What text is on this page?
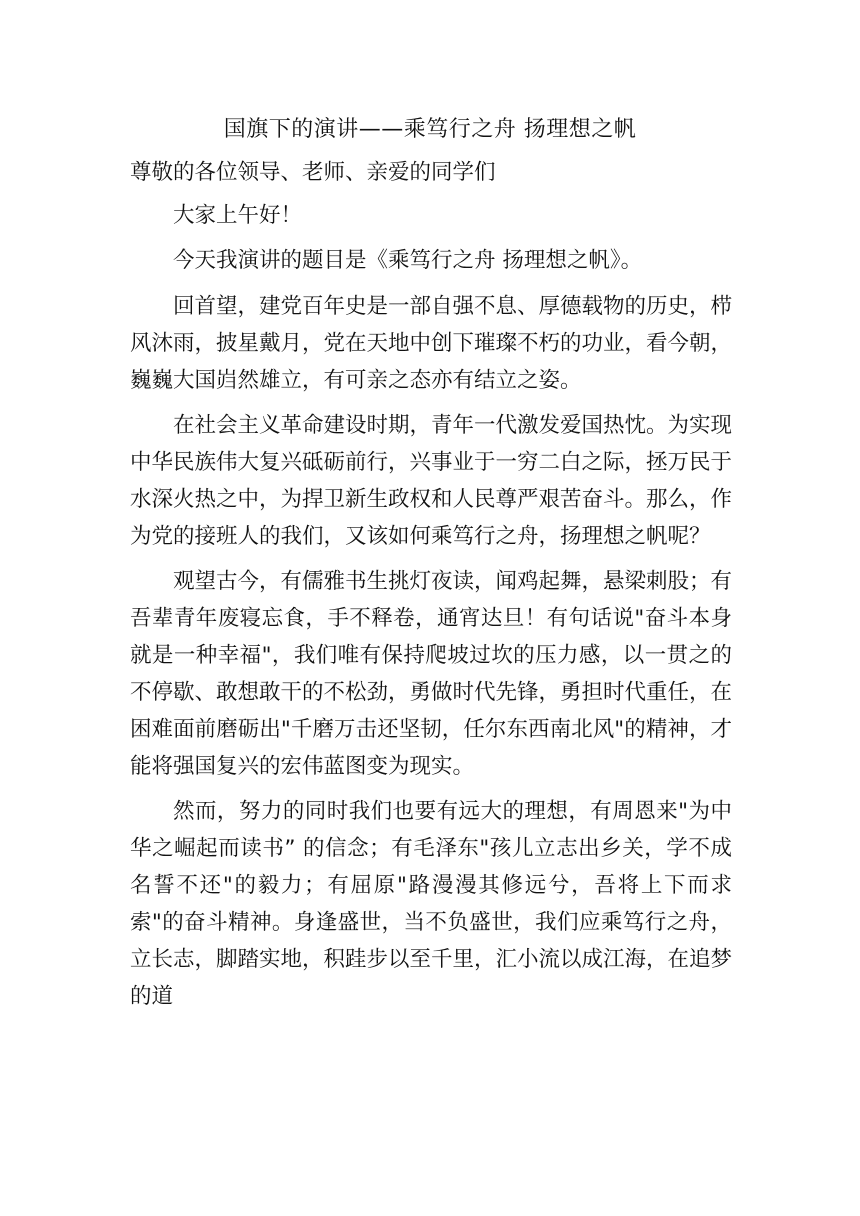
国旗下的演讲——乘笃行之舟 扬理想之帆
尊敬的各位领导、老师、亲爱的同学们

大家上午好！

今天我演讲的题目是《乘笃行之舟 扬理想之帆》。

回首望，建党百年史是一部自强不息、厚德载物的历史，栉风沐雨，披星戴月，党在天地中创下璀璨不朽的功业，看今朝，巍巍大国岿然雄立，有可亲之态亦有结立之姿。

在社会主义革命建设时期，青年一代激发爱国热忱。为实现中华民族伟大复兴砥砺前行，兴事业于一穷二白之际，拯万民于水深火热之中，为捍卫新生政权和人民尊严艰苦奋斗。那么，作为党的接班人的我们，又该如何乘笃行之舟，扬理想之帆呢？

观望古今，有儒雅书生挑灯夜读，闻鸡起舞，悬梁刺股；有吾辈青年废寝忘食，手不释卷，通宵达旦！有句话说"奋斗本身就是一种幸福"，我们唯有保持爬坡过坎的压力感，以一贯之的不停歇、敢想敢干的不松劲，勇做时代先锋，勇担时代重任，在困难面前磨砺出"千磨万击还坚韧，任尔东西南北风"的精神，才能将强国复兴的宏伟蓝图变为现实。

然而，努力的同时我们也要有远大的理想，有周恩来"为中华之崛起而读书” 的信念；有毛泽东"孩儿立志出乡关，学不成名誓不还"的毅力；有屈原"路漫漫其修远兮，吾将上下而求索"的奋斗精神。身逢盛世，当不负盛世，我们应乘笃行之舟，立长志，脚踏实地，积跬步以至千里，汇小流以成江海，在追梦的道
